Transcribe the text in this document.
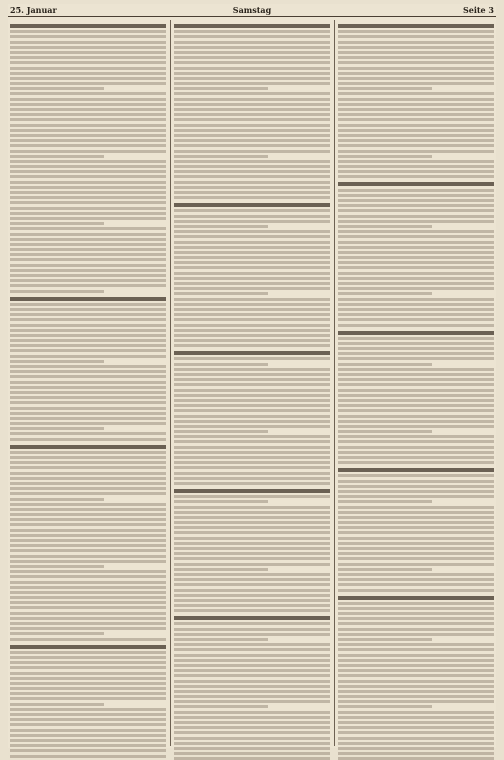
25. Januar	Samstag	Seite 3
